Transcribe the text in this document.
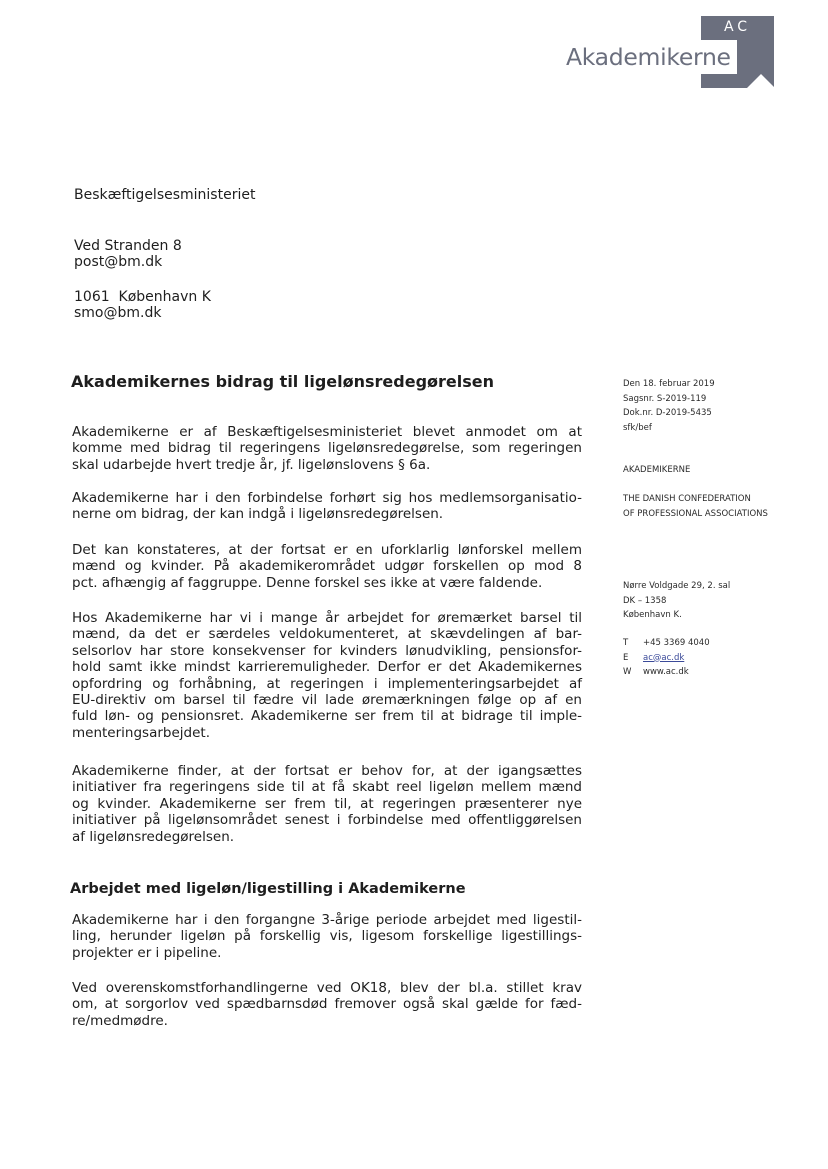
AC
Akademikerne

Beskæftigelsesministeriet

Ved Stranden 8

1061  København K

post@bm.dk

smo@bm.dk

Akademikernes bidrag til ligelønsredegørelsen	Den 18. februar 2019
Sagsnr. S-2019-119
Dok.nr. D-2019-5435
sfk/bef
AKADEMIKERNE
THE DANISH CONFEDERATION
OF PROFESSIONAL ASSOCIATIONS
Nørre Voldgade 29, 2. sal
DK – 1358
København K.
T	+45 3369 4040
E	ac@ac.dk
W	www.ac.dk

Akademikerne er af Beskæftigelsesministeriet blevet anmodet om at
komme med bidrag til regeringens ligelønsredegørelse, som regeringen
skal udarbejde hvert tredje år, jf. ligelønslovens § 6a.

Akademikerne har i den forbindelse forhørt sig hos medlemsorganisatio-
nerne om bidrag, der kan indgå i ligelønsredegørelsen.

Det kan konstateres, at der fortsat er en uforklarlig lønforskel mellem
mænd og kvinder. På akademikerområdet udgør forskellen op mod 8
pct. afhængig af faggruppe. Denne forskel ses ikke at være faldende.

Hos Akademikerne har vi i mange år arbejdet for øremærket barsel til
mænd, da det er særdeles veldokumenteret, at skævdelingen af bar-
selsorlov har store konsekvenser for kvinders lønudvikling, pensionsfor-
hold samt ikke mindst karrieremuligheder. Derfor er det Akademikernes
opfordring og forhåbning, at regeringen i implementeringsarbejdet af
EU-direktiv om barsel til fædre vil lade øremærkningen følge op af en
fuld løn- og pensionsret. Akademikerne ser frem til at bidrage til imple-
menteringsarbejdet.

Akademikerne finder, at der fortsat er behov for, at der igangsættes
initiativer fra regeringens side til at få skabt reel ligeløn mellem mænd
og kvinder. Akademikerne ser frem til, at regeringen præsenterer nye
initiativer på ligelønsområdet senest i forbindelse med offentliggørelsen
af ligelønsredegørelsen.

Arbejdet med ligeløn/ligestilling i Akademikerne

Akademikerne har i den forgangne 3-årige periode arbejdet med ligestil-
ling, herunder ligeløn på forskellig vis, ligesom forskellige ligestillings-
projekter er i pipeline.

Ved overenskomstforhandlingerne ved OK18, blev der bl.a. stillet krav
om, at sorgorlov ved spædbarnsdød fremover også skal gælde for fæd-
re/medmødre.
